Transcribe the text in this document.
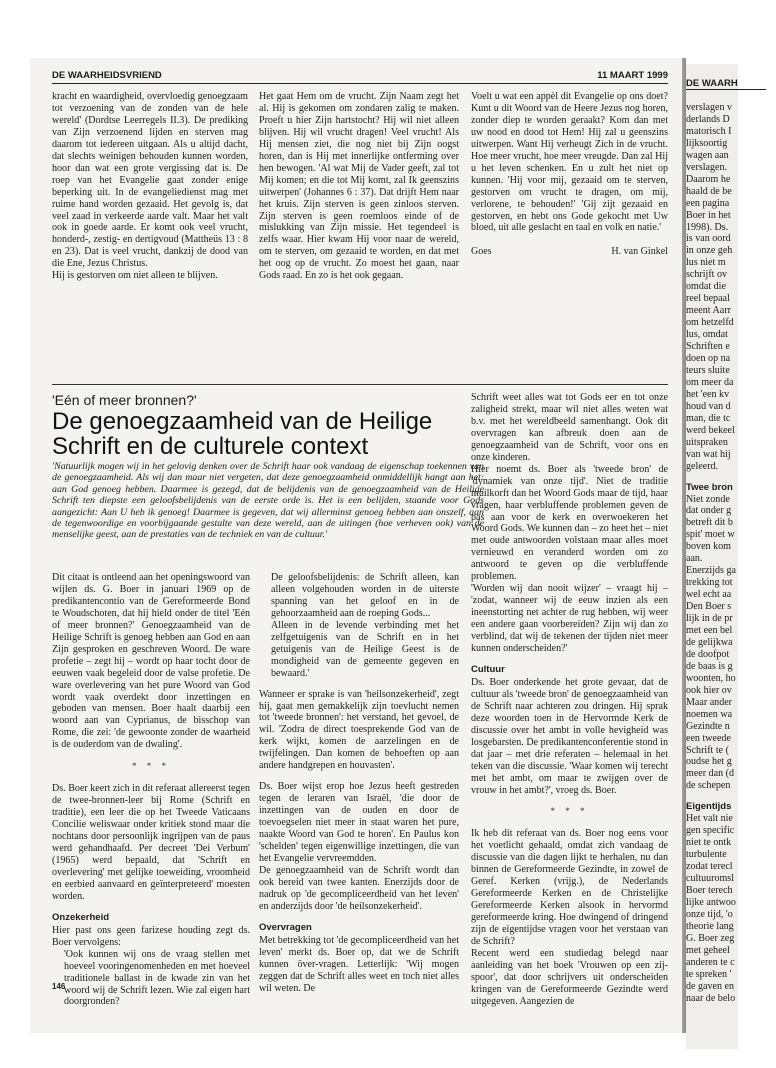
DE WAARHEIDSVRIEND	11 MAART 1999

kracht en waardigheid, overvloedig genoegzaam tot verzoening van de zonden van de hele wereld' (Dordtse Leerregels II.3). De prediking van Zijn verzoenend lijden en sterven mag daarom tot iedereen uitgaan. Als u altijd dacht, dat slechts weinigen behouden kunnen worden, hoor dan wat een grote vergissing dat is. De roep van het Evangelie gaat zonder enige beperking uit. In de evangeliedienst mag met ruime hand worden gezaaid. Het gevolg is, dat veel zaad in verkeerde aarde valt. Maar het valt ook in goede aarde. Er komt ook veel vrucht, honderd-, zestig- en dertigvoud (Mattheüs 13 : 8 en 23). Dat is veel vrucht, dankzij de dood van die Ene, Jezus Christus.

Hij is gestorven om niet alleen te blijven.

Het gaat Hem om de vrucht. Zijn Naam zegt het al. Hij is gekomen om zondaren zalig te maken. Proeft u hier Zijn hartstocht? Hij wil niet alleen blijven. Hij wil vrucht dragen! Veel vrucht! Als Hij mensen ziet, die nog niet bij Zijn oogst horen, dan is Hij met innerlijke ontferming over hen bewogen. 'Al wat Mij de Vader geeft, zal tot Mij komen; en die tot Mij komt, zal Ik geenszins uitwerpen' (Johannes 6 : 37). Dat drijft Hem naar het kruis. Zijn sterven is geen zinloos sterven. Zijn sterven is geen roemloos einde of de mislukking van Zijn missie. Het tegendeel is zelfs waar. Hier kwam Hij voor naar de wereld, om te sterven, om gezaaid te worden, en dat met het oog op de vrucht. Zo moest het gaan, naar Gods raad. En zo is het ook gegaan.

Voelt u wat een appèl dit Evangelie op ons doet? Kunt u dit Woord van de Heere Jezus nog horen, zonder diep te worden geraakt? Kom dan met uw nood en dood tot Hem! Hij zal u geenszins uitwerpen. Want Hij verheugt Zich in de vrucht. Hoe meer vrucht, hoe meer vreugde. Dan zal Hij u het leven schenken. En u zult het niet op kunnen. 'Hij voor mij, gezaaid om te sterven, gestorven om vrucht te dragen, om mij, verlorene, te behouden!' 'Gij zijt gezaaid en gestorven, en hebt ons Gode gekocht met Uw bloed, uit alle geslacht en taal en volk en natie.'

Goes	H. van Ginkel
'Eén of meer bronnen?'
De genoegzaamheid van de Heilige Schrift en de culturele context
'Natuurlijk mogen wij in het gelovig denken over de Schrift haar ook vandaag de eigenschap toekennen van de genoegzaamheid. Als wij dan maar niet vergeten, dat deze genoegzaamheid onmiddellijk hangt aan het: aan God genoeg hebben. Daarmee is gezegd, dat de belijdenis van de genoegzaamheid van de Heilige Schrift ten diepste een geloofsbelijdenis van de eerste orde is. Het is een belijden, staande voor Gods aangezicht: Aan U heb ik genoeg! Daarmee is gegeven, dat wij allerminst genoeg hebben aan onszelf, aan de tegenwoordige en voorbijgaande gestalte van deze wereld, aan de uitingen (hoe verheven ook) van de menselijke geest, aan de prestaties van de techniek en van de cultuur.'

Dit citaat is ontleend aan het openingswoord van wijlen ds. G. Boer in januari 1969 op de predikantencontio van de Gereformeerde Bond te Woudschoten, dat hij hield onder de titel 'Eén of meer bronnen?' Genoegzaamheid van de Heilige Schrift is genoeg hebben aan God en aan Zijn gesproken en geschreven Woord. De ware profetie – zegt hij – wordt op haar tocht door de eeuwen vaak begeleid door de valse profetie. De ware overlevering van het pure Woord van God wordt vaak overdekt door inzettingen en geboden van mensen. Boer haalt daarbij een woord aan van Cyprianus, de bisschop van Rome, die zei: 'de gewoonte zonder de waarheid is de ouderdom van de dwaling'.

* * *

Ds. Boer keert zich in dit referaat allereerst tegen de twee-bronnen-leer bij Rome (Schrift en traditie), een leer die op het Tweede Vaticaans Concilie weliswaar onder kritiek stond maar die nochtans door persoonlijk ingrijpen van de paus werd gehandhaafd. Per decreet 'Dei Verbum' (1965) werd bepaald, dat 'Schrift en overlevering' met gelijke toeweiding, vroomheid en eerbied aanvaard en geïnterpreteerd' moesten worden.

Onzekerheid

Hier past ons geen farizese houding zegt ds. Boer vervolgens:

'Ook kunnen wij ons de vraag stellen met hoeveel vooringenomenheden en met hoeveel traditionele ballast in de kwade zin van het woord wij de Schrift lezen. Wie zal eigen hart doorgronden?

De geloofsbelijdenis: de Schrift alleen, kan alleen volgehouden worden in de uiterste spanning van het geloof en in de gehoorzaamheid aan de roeping Gods...

Alleen in de levende verbinding met het zelfgetuigenis van de Schrift en in het getuigenis van de Heilige Geest is de mondigheid van de gemeente gegeven en bewaard.'

Wanneer er sprake is van 'heilsonzekerheid', zegt hij, gaat men gemakkelijk zijn toevlucht nemen tot 'tweede bronnen': het verstand, het gevoel, de wil. 'Zodra de direct toesprekende God van de kerk wijkt, komen de aarzelingen en de twijfelingen. Dan komen de behoeften op aan andere handgrepen en houvasten'.

Ds. Boer wijst erop hoe Jezus heeft gestreden tegen de leraren van Israël, 'die door de inzettingen van de ouden en door de toevoegselen niet meer in staat waren het pure, naakte Woord van God te horen'. En Paulus kon 'schelden' tegen eigenwillige inzettingen, die van het Evangelie vervreemdden.

De genoegzaamheid van de Schrift wordt dan ook bereid van twee kanten. Enerzijds door de nadruk op 'de gecompliceerdheid van het leven' en anderzijds door 'de heilsonzekerheid'.

Overvragen

Met betrekking tot 'de gecompliceerdheid van het leven' merkt ds. Boer op, dat we de Schrift kunnen över-vragen. Letterlijk: 'Wij mogen zeggen dat de Schrift alles weet en toch niet alles wil weten. De

Schrift weet alles wat tot Gods eer en tot onze zaligheid strekt, maar wil niet alles weten wat b.v. met het wereldbeeld samenhangt. Ook dit overvragen kan afbreuk doen aan de genoegzaamheid van de Schrift, voor ons en onze kinderen.

Hier noemt ds. Boer als 'tweede bron' de 'dynamiek van onze tijd'. Niet de traditie muilkorft dan het Woord Gods maar de tijd, haar vragen, haar verbluffende problemen geven de pas aan voor de kerk en overwoekeren het Woord Gods. We kunnen dan – zo heet het – niet met oude antwoorden volstaan maar alles moet vernieuwd en veranderd worden om zo antwoord te geven op die verbluffende problemen.

'Worden wij dan nooit wijzer' – vraagt hij – 'zodat, wanneer wij de eeuw inzien als een ineenstorting net achter de rug hebben, wij weer een andere gaan voorbereiden? Zijn wij dan zo verblind, dat wij de tekenen der tijden niet meer kunnen onderscheiden?'

Cultuur

Ds. Boer onderkende het grote gevaar, dat de cultuur als 'tweede bron' de genoegzaamheid van de Schrift naar achteren zou dringen. Hij sprak deze woorden toen in de Hervormde Kerk de discussie over het ambt in volle hevigheid was losgebarsten. De predikantenconferentie stond in dat jaar – met drie referaten – helemaal in het teken van die discussie. 'Waar komen wij terecht met het ambt, om maar te zwijgen over de vrouw in het ambt?', vroeg ds. Boer.

* * *

Ik heb dit referaat van ds. Boer nog eens voor het voetlicht gehaald, omdat zich vandaag de discussie van die dagen lijkt te herhalen, nu dan binnen de Gereformeerde Gezindte, in zowel de Geref. Kerken (vrijg.), de Nederlands Gereformeerde Kerken en de Christelijke Gereformeerde Kerken alsook in hervormd gereformeerde kring. Hoe dwingend of dringend zijn de eigentijdse vragen voor het verstaan van de Schrift?

Recent werd een studiedag belegd naar aanleiding van het boek 'Vrouwen op een zij-spoor', dat door schrijvers uit onderscheiden kringen van de Gereformeerde Gezindte werd uitgegeven. Aangezien de

146
DE WAARH
verslagen v
derlands D
matorisch I
lijksoortig
wagen aan
verslagen.
Daarom he
haald de be
een pagina
Boer in het
1998). Ds.
is van oord
in onze geh
lus niet m
schrijft ov
omdat die
reel bepaal
meent Aarr
om hetzelfd
lus, omdat
Schriften e
doen op na
teurs sluite
om meer da
het 'een kv
houd van d
man, die tc
werd bekeel
uitspraken
van wat hij
geleerd.
Twee bron
Niet zonde
dat onder g
betreft dit b
spit' moet w
boven kom
aan.
Enerzijds ga
trekking tot
wel echt aa
Den Boer s
lijk in de pr
met een bel
de gelijkwa
de doofpot
de baas is g
woonten, ho
ook hier ov
Maar ander
noemen wa
Gezindte n
een tweede
Schrift te (
oudse het g
meer dan (d
de schepen
Eigentijds
Het valt nie
gen specific
niet te ontk
turbulente
zodat terecl
cultuuromsl
Boer terech
lijke antwoo
onze tijd, 'o
theorie lang
G. Boer zeg
met geheel
anderen te c
te spreken '
de gaven en
naar de belo
